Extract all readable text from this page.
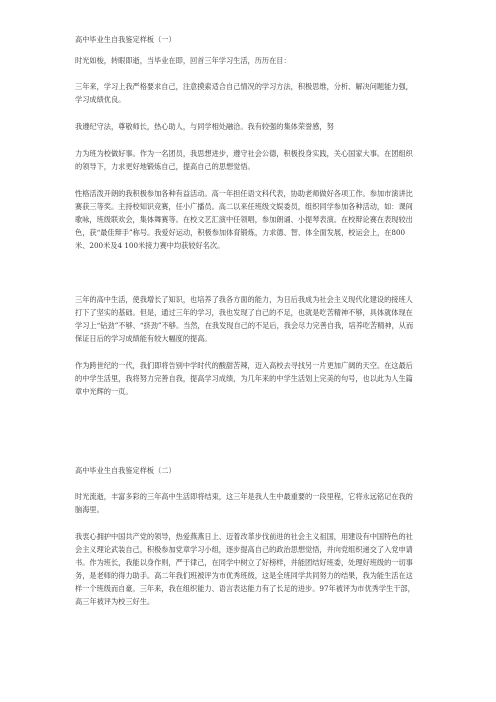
高中毕业生自我鉴定样板（一）

时光如梭，转眼即逝，当毕业在即，回首三年学习生活，历历在目：

三年来，学习上我严格要求自己，注意摸索适合自己情况的学习方法，积极思维，分析、解决问题能力强，学习成绩优良。

我遵纪守法，尊敬师长，热心助人，与同学相处融洽。我有较强的集体荣誉感，努

力为班为校做好事。作为一名团员，我思想进步，遵守社会公德，积极投身实践，关心国家大事。在团组织的领导下，力求更好地锻炼自己，提高自己的思想觉悟。

性格活泼开朗的我积极参加各种有益活动。高一年担任语文科代表，协助老师做好各项工作。参加市演讲比赛获三等奖。主持校知识竞赛，任小广播员。高二以来任班级文娱委员，组织同学参加各种活动，如：课间歌咏，班级联欢会，集体舞赛等。在校文艺汇演中任领唱，参加朗诵、小提琴表演。在校辩论赛在表现较出色，获“最佳辩手”称号。我爱好运动，积极参加体育锻炼，力求德、智、体全面发展，校运会上，在800米、200米及4 100米接力赛中均获较好名次。

三年的高中生活，使我增长了知识，也培养了我各方面的能力，为日后我成为社会主义现代化建设的接班人打下了坚实的基础。但是，通过三年的学习，我也发现了自己的不足，也就是吃苦精神不够，具体就体现在学习上“钻劲”不够、“挤劲”不够。当然，在我发现自己的不足后，我会尽力完善自我，培养吃苦精神，从而保证日后的学习成绩能有较大幅度的提高。

作为跨世纪的一代，我们即将告别中学时代的酸甜苦辣，迈入高校去寻找另一片更加广阔的天空。在这最后的中学生活里，我将努力完善自我，提高学习成绩，为几年来的中学生活划上完美的句号，也以此为人生篇章中光辉的一页。

高中毕业生自我鉴定样板（二）

时光流逝，丰富多彩的三年高中生活即将结束，这三年是我人生中最重要的一段里程，它将永远铭记在我的脑海里。

我衷心拥护中国共产党的领导，热爱燕燕日上、迈着改革步伐前进的社会主义祖国，用建设有中国特色的社会主义理论武装自己，积极参加党章学习小组，逐步提高自己的政治思想觉悟，并向党组织递交了入党申请书。作为班长，我能以身作则，严于律己，在同学中树立了好榜样，并能团结好班委，处理好班级的一切事务，是老师的得力助手。高二年我们班被评为市优秀班级，这是全班同学共同努力的结果，我为能生活在这样一个班级而自豪。三年来，我在组织能力、语言表达能力有了长足的进步。97年被评为市优秀学生干部，高三年被评为校三好生。
